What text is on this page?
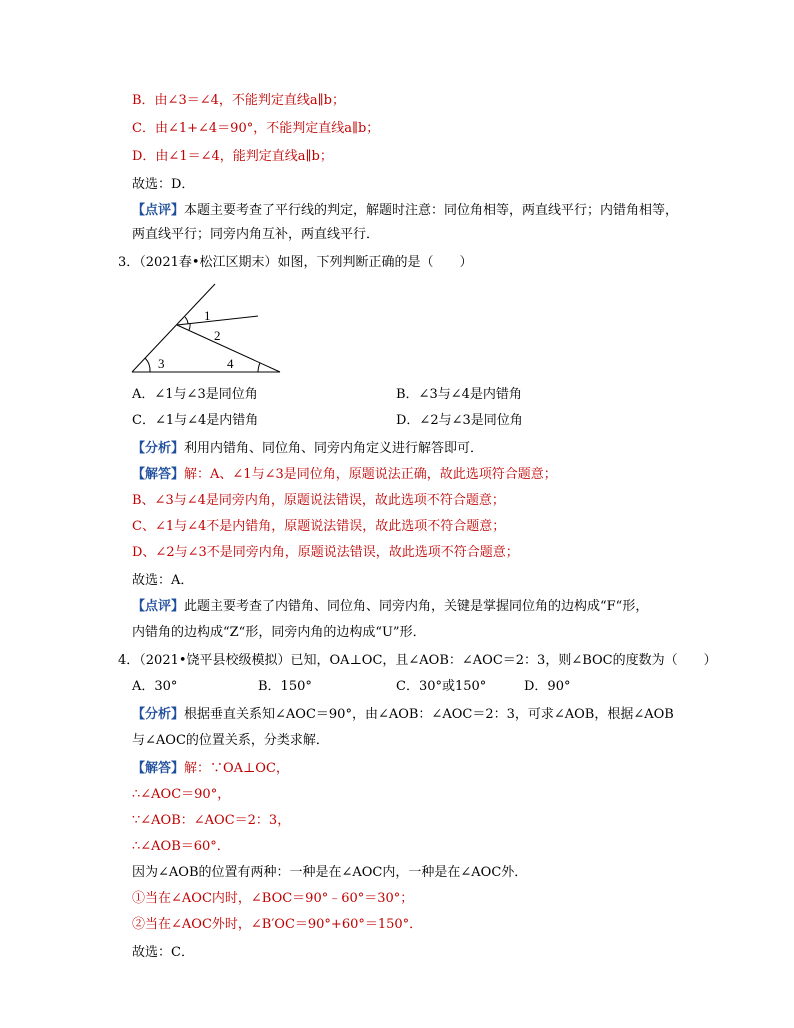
B．由∠3＝∠4，不能判定直线a∥b；
C．由∠1+∠4＝90°，不能判定直线a∥b；
D．由∠1＝∠4，能判定直线a∥b；
故选：D．
【点评】本题主要考查了平行线的判定，解题时注意：同位角相等，两直线平行；内错角相等，
两直线平行；同旁内角互补，两直线平行．
3．（2021春•松江区期末）如图，下列判断正确的是（　　）
1
2
3	4
A．∠1与∠3是同位角	B．∠3与∠4是内错角
C．∠1与∠4是内错角	D．∠2与∠3是同位角
【分析】利用内错角、同位角、同旁内角定义进行解答即可．
【解答】解：A、∠1与∠3是同位角，原题说法正确，故此选项符合题意；
B、∠3与∠4是同旁内角，原题说法错误，故此选项不符合题意；
C、∠1与∠4不是内错角，原题说法错误，故此选项不符合题意；
D、∠2与∠3不是同旁内角，原题说法错误，故此选项不符合题意；
故选：A．
【点评】此题主要考查了内错角、同位角、同旁内角，关键是掌握同位角的边构成“F“形，
内错角的边构成“Z“形，同旁内角的边构成“U”形．
4．（2021•饶平县校级模拟）已知，OA⊥OC，且∠AOB：∠AOC＝2：3，则∠BOC的度数为（　　）
A．30°	B．150°	C．30°或150°	D．90°
【分析】根据垂直关系知∠AOC＝90°，由∠AOB：∠AOC＝2：3，可求∠AOB，根据∠AOB
与∠AOC的位置关系，分类求解．
【解答】解：∵OA⊥OC，
∴∠AOC＝90°，
∵∠AOB：∠AOC＝2：3，
∴∠AOB＝60°．
因为∠AOB的位置有两种：一种是在∠AOC内，一种是在∠AOC外．
①当在∠AOC内时，∠BOC＝90°﹣60°＝30°；
②当在∠AOC外时，∠B′OC＝90°+60°＝150°．
故选：C．
